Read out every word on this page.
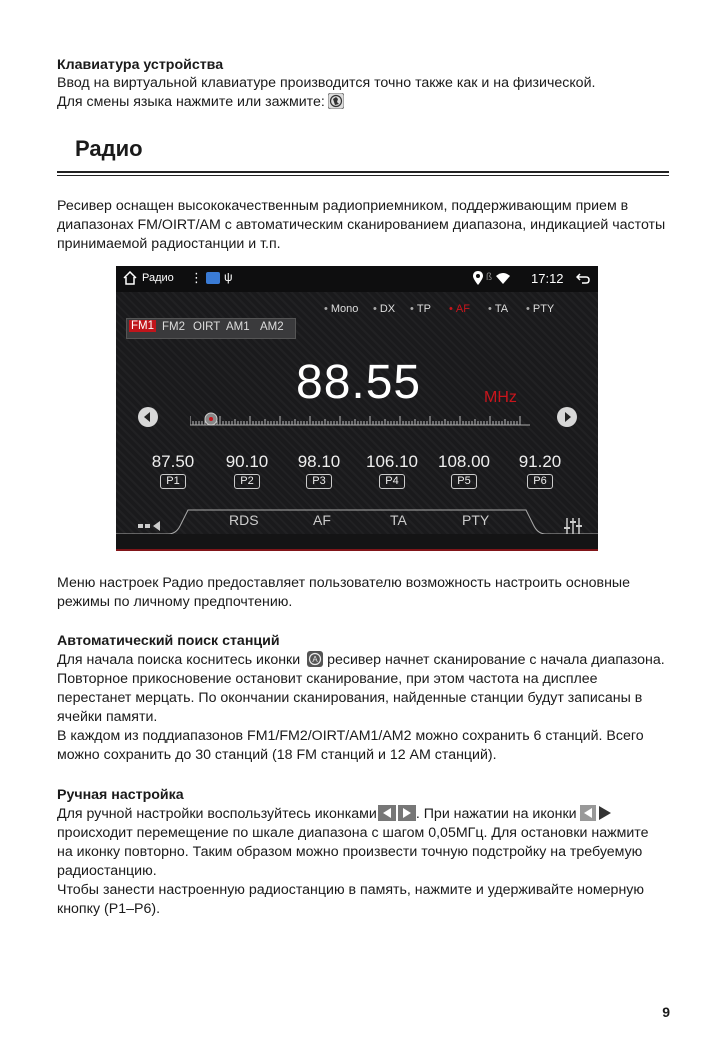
Клавиатура устройства
Ввод на виртуальной клавиатуре производится точно также как и на физической.
Для смены языка нажмите или зажмите:
Радио
Ресивер оснащен высококачественным радиоприемником, поддерживающим прием в
диапазонах FM/OIRT/AM с автоматическим сканированием диапазона, индикацией частоты
принимаемой радиостанции и т.п.
Радио ⋮ ψ	ß	17:12
• Mono • DX • TP • AF • TA • PTY
FM1 FM2 OIRT AM1 AM2
88.55	MHz
87.50
P1
90.10
P2
98.10
P3
106.10
P4
108.00
P5
91.20
P6
RDS	AF	TA	PTY
Меню настроек Радио предоставляет пользователю возможность настроить основные
режимы по личному предпочтению.
Автоматический поиск станций
Для начала поиска коснитесь иконки A ресивер начнет сканирование с начала диапазона.
Повторное прикосновение остановит сканирование, при этом частота на дисплее
перестанет мерцать. По окончании сканирования, найденные станции будут записаны в
ячейки памяти.
В каждом из поддиапазонов FM1/FM2/OIRT/AM1/AM2 можно сохранить 6 станций. Всего
можно сохранить до 30 станций (18 FM станций и 12 AM станций).
Ручная настройка
Для ручной настройки воспользуйтесь иконками	. При нажатии на иконки
происходит перемещение по шкале диапазона с шагом 0,05МГц. Для остановки нажмите
на иконку повторно. Таким образом можно произвести точную подстройку на требуемую
радиостанцию.
Чтобы занести настроенную радиостанцию в память, нажмите и удерживайте номерную
кнопку (P1–P6).
9
